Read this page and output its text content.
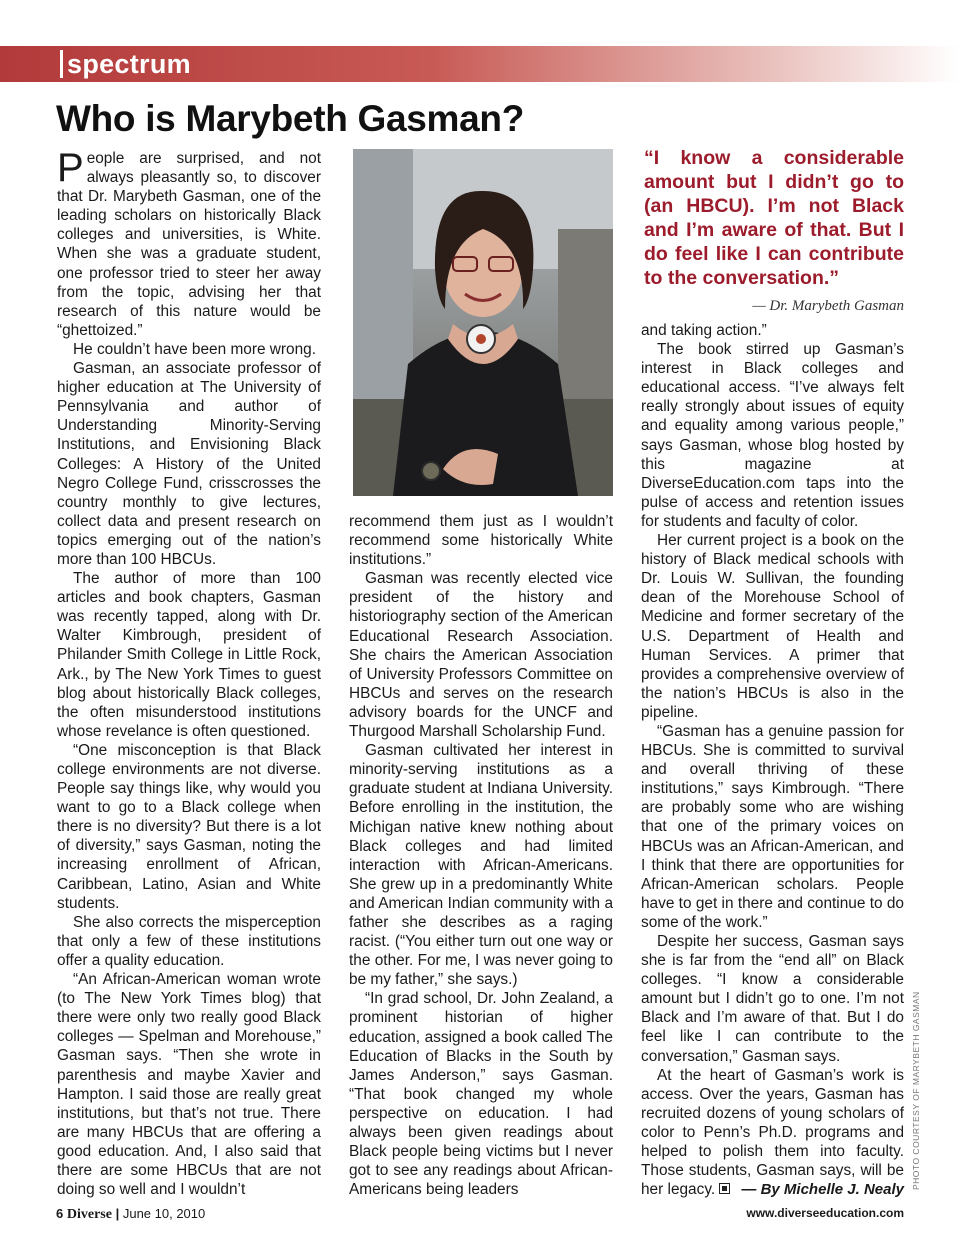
spectrum
Who is Marybeth Gasman?

People are surprised, and not always pleasantly so, to discover that Dr. Marybeth Gasman, one of the leading scholars on historically Black colleges and universities, is White. When she was a graduate student, one professor tried to steer her away from the topic, advising her that research of this nature would be “ghettoized.”

He couldn’t have been more wrong.

Gasman, an associate professor of higher education at The University of Pennsylvania and author of Understanding Minority-Serving Institutions, and Envisioning Black Colleges: A History of the United Negro College Fund, crisscrosses the country monthly to give lectures, collect data and present research on topics emerging out of the nation’s more than 100 HBCUs.

The author of more than 100 articles and book chapters, Gasman was recently tapped, along with Dr. Walter Kimbrough, president of Philander Smith College in Little Rock, Ark., by The New York Times to guest blog about historically Black colleges, the often misunderstood institutions whose revelance is often questioned.

“One misconception is that Black college environments are not diverse. People say things like, why would you want to go to a Black college when there is no diversity? But there is a lot of diversity,” says Gasman, noting the increasing enrollment of African, Caribbean, Latino, Asian and White students.

She also corrects the misperception that only a few of these institutions offer a quality education.

“An African-American woman wrote (to The New York Times blog) that there were only two really good Black colleges — Spelman and Morehouse,” Gasman says. “Then she wrote in parenthesis and maybe Xavier and Hampton. I said those are really great institutions, but that’s not true. There are many HBCUs that are offering a good education. And, I also said that there are some HBCUs that are not doing so well and I wouldn’t

recommend them just as I wouldn’t recommend some historically White institutions.”

Gasman was recently elected vice president of the history and historiography section of the American Educational Research Association. She chairs the American Association of University Professors Committee on HBCUs and serves on the research advisory boards for the UNCF and Thurgood Marshall Scholarship Fund.

Gasman cultivated her interest in minority-serving institutions as a graduate student at Indiana University. Before enrolling in the institution, the Michigan native knew nothing about Black colleges and had limited interaction with African-Americans. She grew up in a predominantly White and American Indian community with a father she describes as a raging racist. (“You either turn out one way or the other. For me, I was never going to be my father,” she says.)

“In grad school, Dr. John Zealand, a prominent historian of higher education, assigned a book called The Education of Blacks in the South by James Anderson,” says Gasman. “That book changed my whole perspective on education. I had always been given readings about Black people being victims but I never got to see any readings about African-Americans being leaders

“I know a considerable amount but I didn’t go to (an HBCU). I’m not Black and I’m aware of that. But I do feel like I can contribute to the conversation.”
— Dr. Marybeth Gasman

and taking action.”

The book stirred up Gasman’s interest in Black colleges and educational access. “I’ve always felt really strongly about issues of equity and equality among various people,” says Gasman, whose blog hosted by this magazine at DiverseEducation.com taps into the pulse of access and retention issues for students and faculty of color.

Her current project is a book on the history of Black medical schools with Dr. Louis W. Sullivan, the founding dean of the Morehouse School of Medicine and former secretary of the U.S. Department of Health and Human Services. A primer that provides a comprehensive overview of the nation’s HBCUs is also in the pipeline.

“Gasman has a genuine passion for HBCUs. She is committed to survival and overall thriving of these institutions,” says Kimbrough. “There are probably some who are wishing that one of the primary voices on HBCUs was an African-American, and I think that there are opportunities for African-American scholars. People have to get in there and continue to do some of the work.”

Despite her success, Gasman says she is far from the “end all” on Black colleges. “I know a considerable amount but I didn’t go to one. I’m not Black and I’m aware of that. But I do feel like I can contribute to the conversation,” Gasman says.

At the heart of Gasman’s work is access. Over the years, Gasman has recruited dozens of young scholars of color to Penn’s Ph.D. programs and helped to polish them into faculty. Those students, Gasman says, will be her legacy.	— By Michelle J. Nealy PHOTO COURTESY OF MARYBETH GASMAN
6 Diverse | June 10, 2010	www.diverseeducation.com
